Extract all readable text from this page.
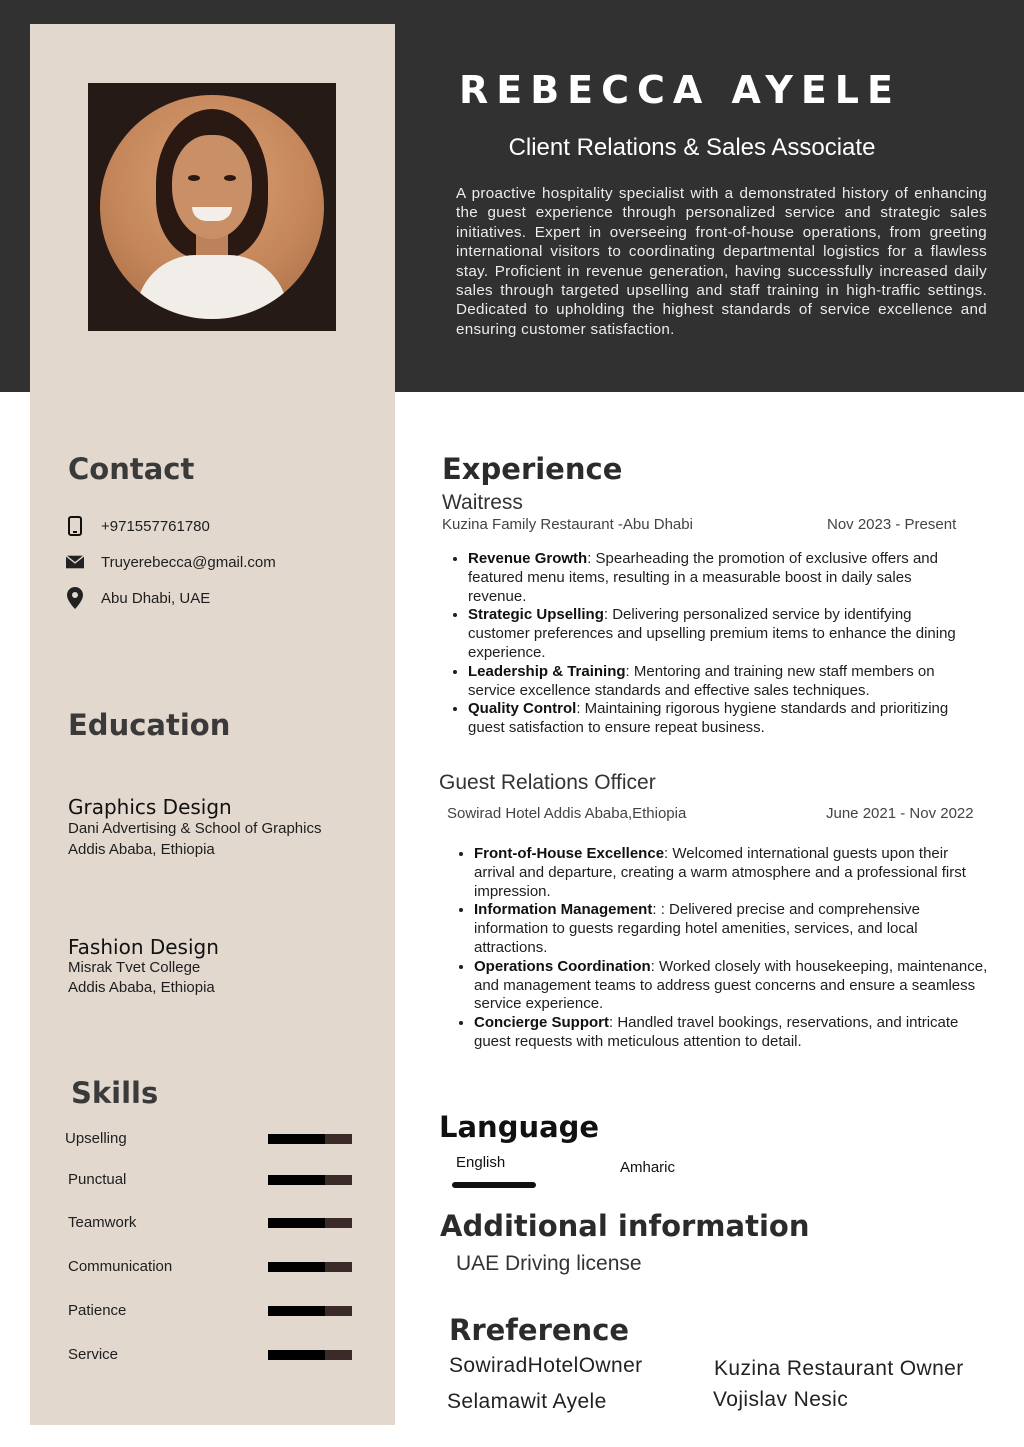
REBECCA AYELE
Client Relations & Sales Associate
A proactive hospitality specialist with a demonstrated history of enhancing the guest experience through personalized service and strategic sales initiatives. Expert in overseeing front-of-house operations, from greeting international visitors to coordinating departmental logistics for a flawless stay. Proficient in revenue generation, having successfully increased daily sales through targeted upselling and staff training in high-traffic settings. Dedicated to upholding the highest standards of service excellence and ensuring customer satisfaction.
Contact
+971557761780
Truyerebecca@gmail.com
Abu Dhabi, UAE
Education
Graphics Design
Dani Advertising & School of Graphics
Addis Ababa, Ethiopia
Fashion Design
Misrak Tvet College
Addis Ababa, Ethiopia
Skills
Upselling
Punctual
Teamwork
Communication
Patience
Service
Experience
Waitress
Kuzina Family Restaurant -Abu Dhabi	Nov 2023 - Present
• Revenue Growth: Spearheading the promotion of exclusive offers and featured menu items, resulting in a measurable boost in daily sales revenue.
• Strategic Upselling: Delivering personalized service by identifying customer preferences and upselling premium items to enhance the dining experience.
• Leadership & Training: Mentoring and training new staff members on service excellence standards and effective sales techniques.
• Quality Control: Maintaining rigorous hygiene standards and prioritizing guest satisfaction to ensure repeat business.
Guest Relations Officer
Sowirad Hotel Addis Ababa,Ethiopia	June 2021 - Nov 2022
• Front-of-House Excellence: Welcomed international guests upon their arrival and departure, creating a warm atmosphere and a professional first impression.
• Information Management: : Delivered precise and comprehensive information to guests regarding hotel amenities, services, and local attractions.
• Operations Coordination: Worked closely with housekeeping, maintenance, and management teams to address guest concerns and ensure a seamless service experience.
• Concierge Support: Handled travel bookings, reservations, and intricate guest requests with meticulous attention to detail.
Language
English	Amharic
Additional information
UAE Driving license
Rreference
SowiradHotelOwner
Selamawit Ayele
Kuzina Restaurant Owner
Vojislav Nesic
